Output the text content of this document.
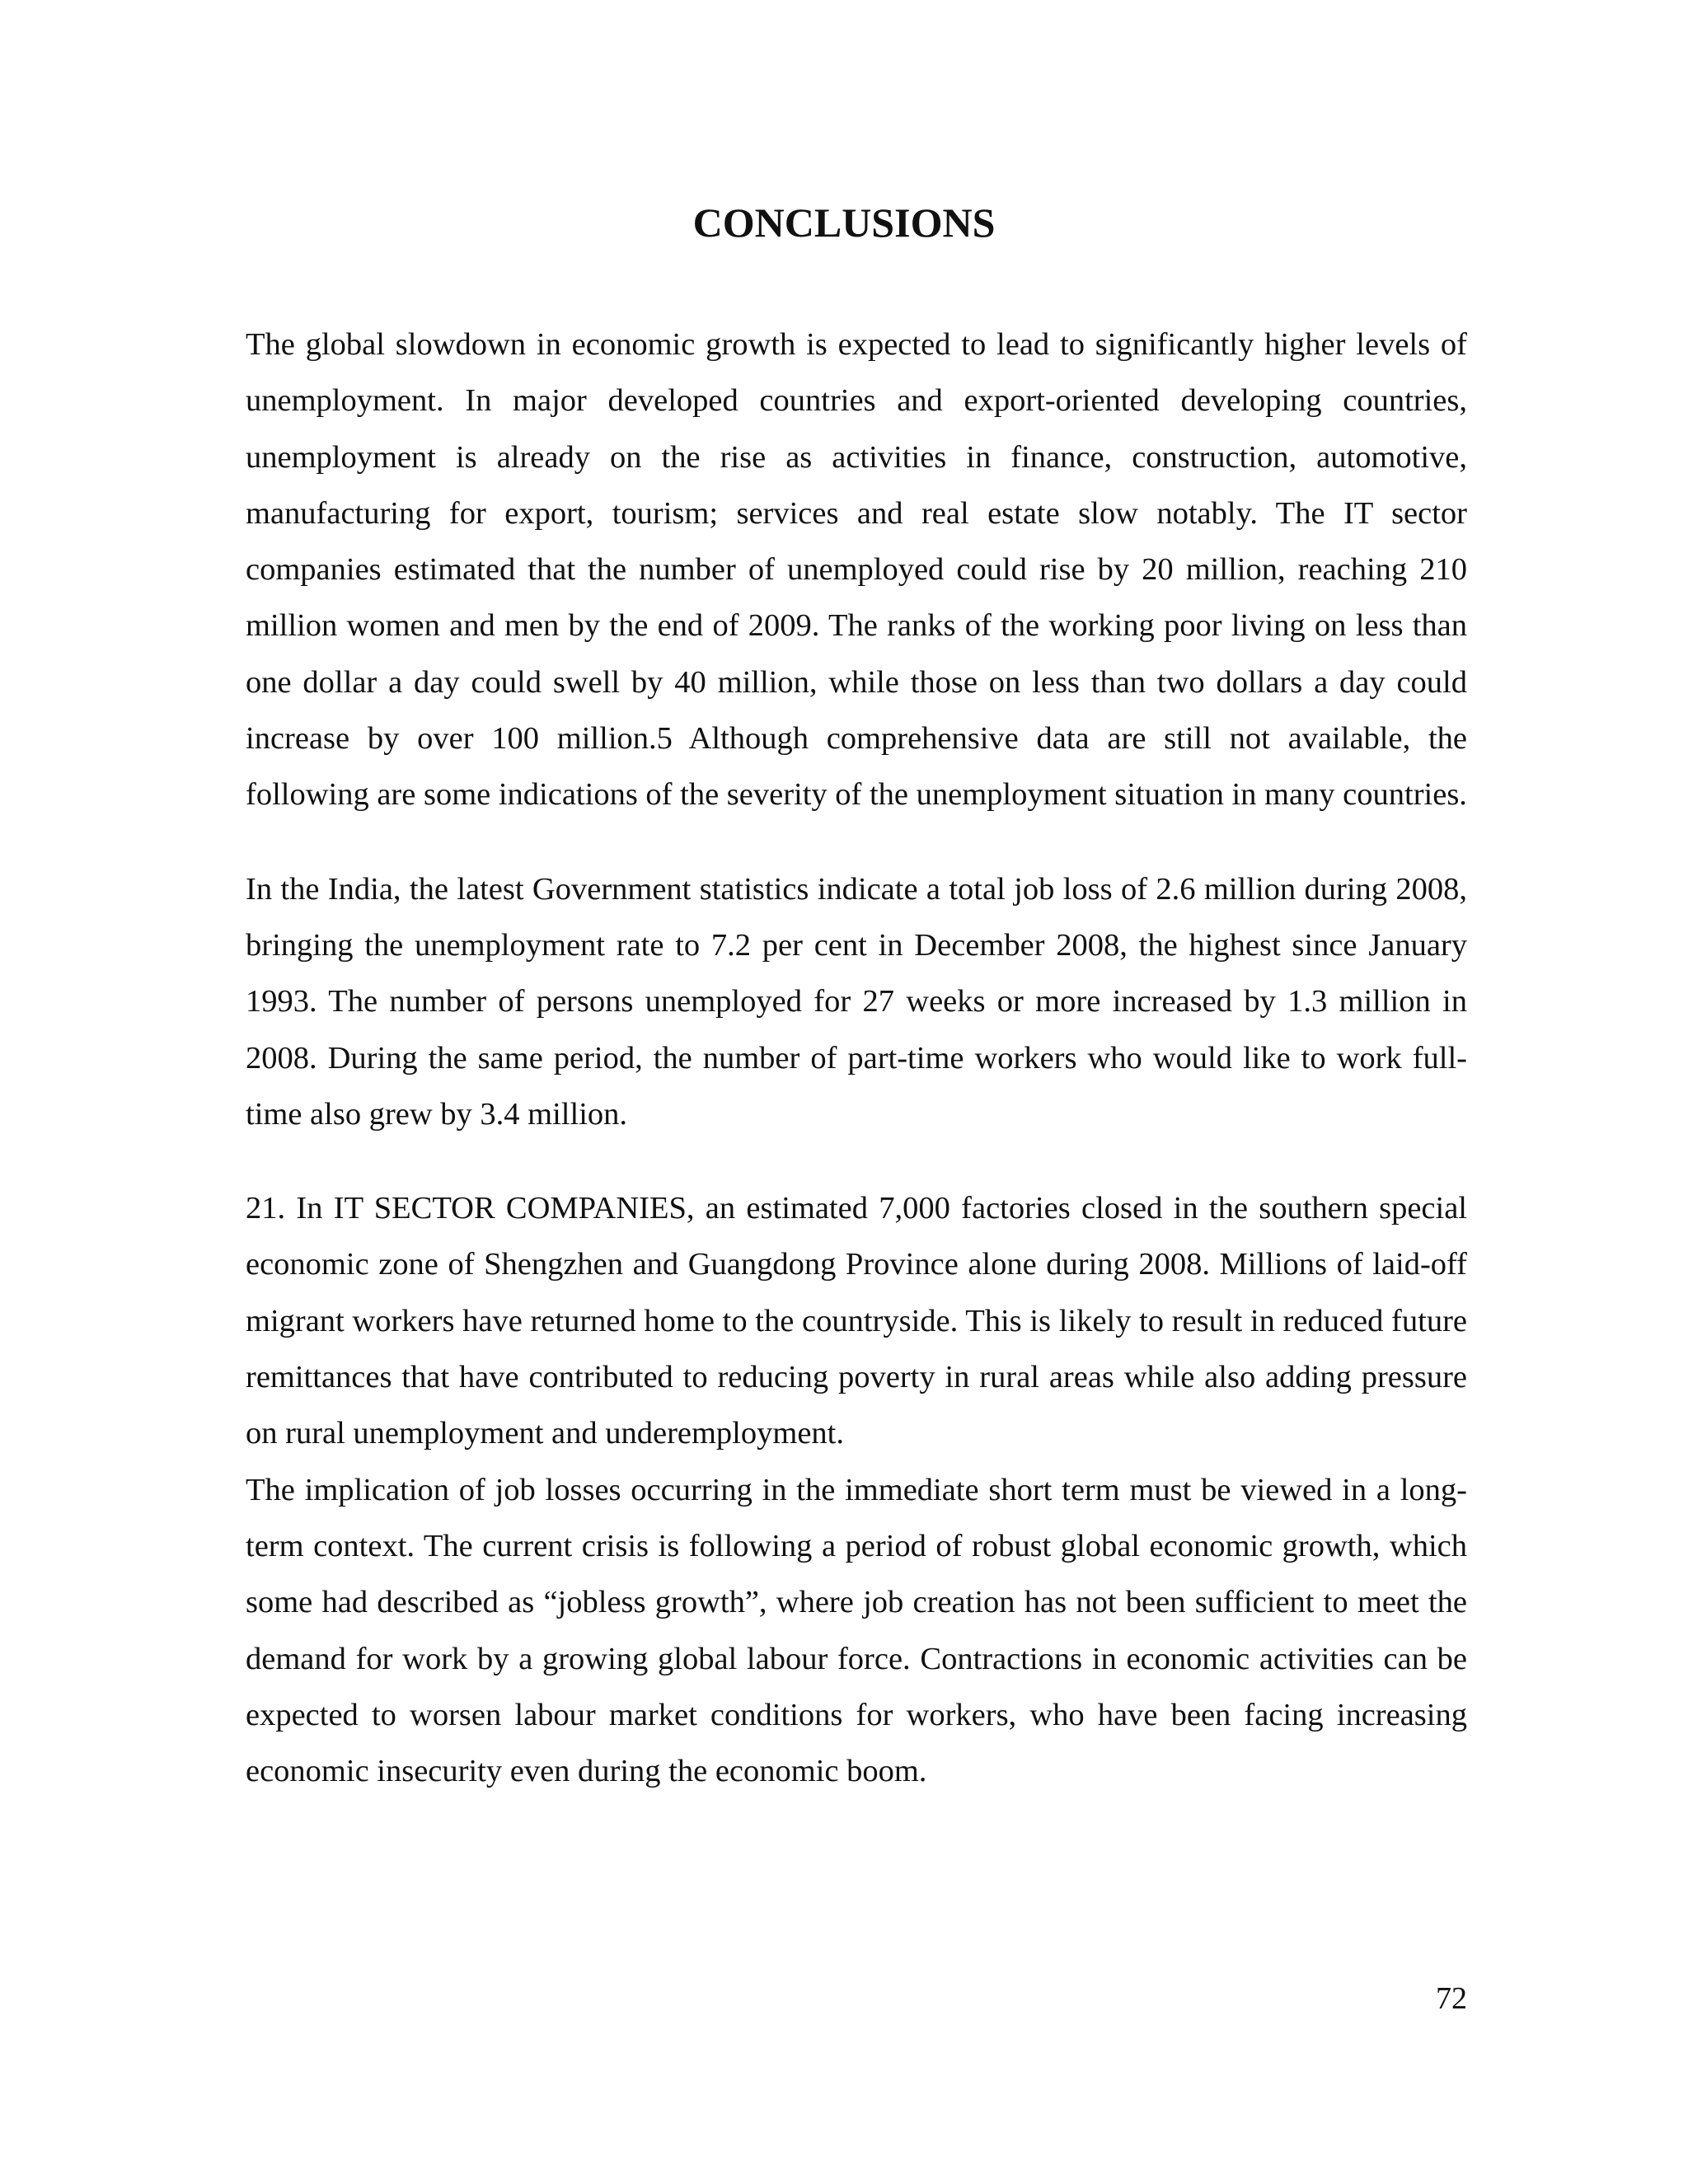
CONCLUSIONS

The global slowdown in economic growth is expected to lead to significantly higher levels of unemployment. In major developed countries and export-oriented developing countries, unemployment is already on the rise as activities in finance, construction, automotive, manufacturing for export, tourism; services and real estate slow notably. The IT sector companies estimated that the number of unemployed could rise by 20 million, reaching 210 million women and men by the end of 2009. The ranks of the working poor living on less than one dollar a day could swell by 40 million, while those on less than two dollars a day could increase by over 100 million.5 Although comprehensive data are still not available, the following are some indications of the severity of the unemployment situation in many countries.

In the India, the latest Government statistics indicate a total job loss of 2.6 million during 2008, bringing the unemployment rate to 7.2 per cent in December 2008, the highest since January 1993. The number of persons unemployed for 27 weeks or more increased by 1.3 million in 2008. During the same period, the number of part-time workers who would like to work full-time also grew by 3.4 million.

21. In IT SECTOR COMPANIES, an estimated 7,000 factories closed in the southern special economic zone of Shengzhen and Guangdong Province alone during 2008. Millions of laid-off migrant workers have returned home to the countryside. This is likely to result in reduced future remittances that have contributed to reducing poverty in rural areas while also adding pressure on rural unemployment and underemployment.

The implication of job losses occurring in the immediate short term must be viewed in a long-term context. The current crisis is following a period of robust global economic growth, which some had described as “jobless growth”, where job creation has not been sufficient to meet the demand for work by a growing global labour force. Contractions in economic activities can be expected to worsen labour market conditions for workers, who have been facing increasing economic insecurity even during the economic boom.

72
